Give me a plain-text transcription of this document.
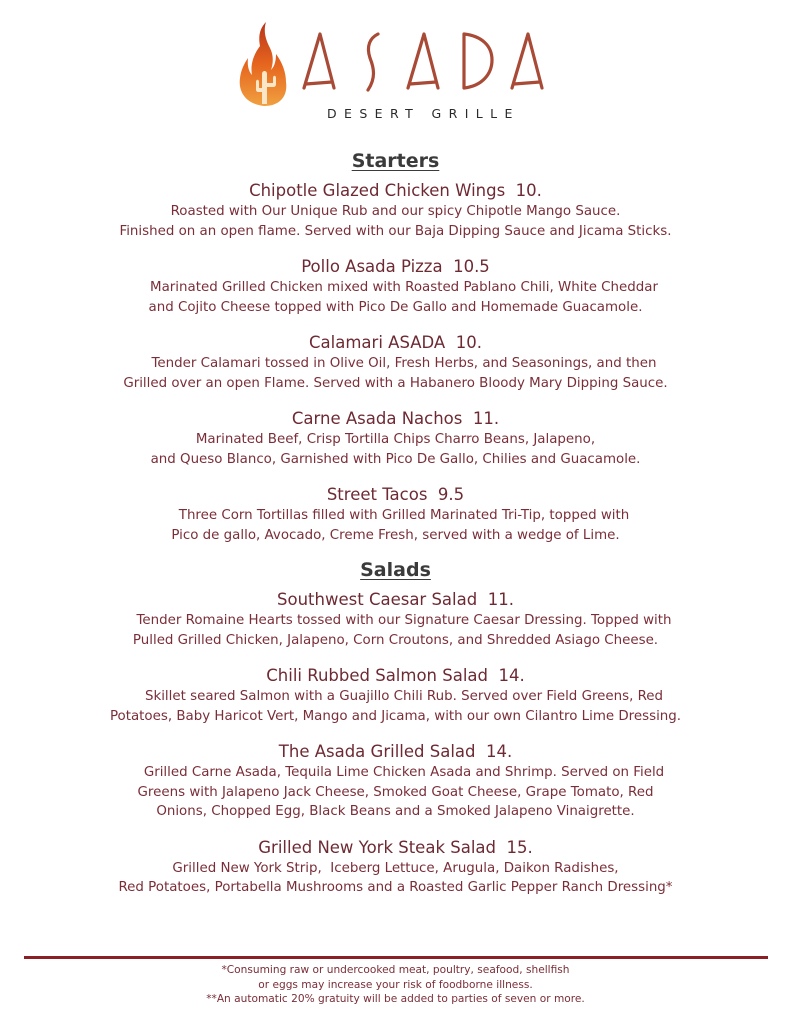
DESERT GRILLE
Starters
Chipotle Glazed Chicken Wings  10.
Roasted with Our Unique Rub and our spicy Chipotle Mango Sauce.
Finished on an open flame. Served with our Baja Dipping Sauce and Jicama Sticks.
Pollo Asada Pizza  10.5
Marinated Grilled Chicken mixed with Roasted Pablano Chili, White Cheddar
and Cojito Cheese topped with Pico De Gallo and Homemade Guacamole.
Calamari ASADA  10.
Tender Calamari tossed in Olive Oil, Fresh Herbs, and Seasonings, and then
Grilled over an open Flame. Served with a Habanero Bloody Mary Dipping Sauce.
Carne Asada Nachos  11.
Marinated Beef, Crisp Tortilla Chips Charro Beans, Jalapeno,
and Queso Blanco, Garnished with Pico De Gallo, Chilies and Guacamole.
Street Tacos  9.5
Three Corn Tortillas filled with Grilled Marinated Tri-Tip, topped with
Pico de gallo, Avocado, Creme Fresh, served with a wedge of Lime.
Salads
Southwest Caesar Salad  11.
Tender Romaine Hearts tossed with our Signature Caesar Dressing. Topped with
Pulled Grilled Chicken, Jalapeno, Corn Croutons, and Shredded Asiago Cheese.
Chili Rubbed Salmon Salad  14.
Skillet seared Salmon with a Guajillo Chili Rub. Served over Field Greens, Red
Potatoes, Baby Haricot Vert, Mango and Jicama, with our own Cilantro Lime Dressing.
The Asada Grilled Salad  14.
Grilled Carne Asada, Tequila Lime Chicken Asada and Shrimp. Served on Field
Greens with Jalapeno Jack Cheese, Smoked Goat Cheese, Grape Tomato, Red
Onions, Chopped Egg, Black Beans and a Smoked Jalapeno Vinaigrette.
Grilled New York Steak Salad  15.
Grilled New York Strip,  Iceberg Lettuce, Arugula, Daikon Radishes,
Red Potatoes, Portabella Mushrooms and a Roasted Garlic Pepper Ranch Dressing*
*Consuming raw or undercooked meat, poultry, seafood, shellfish
or eggs may increase your risk of foodborne illness.
**An automatic 20% gratuity will be added to parties of seven or more.
